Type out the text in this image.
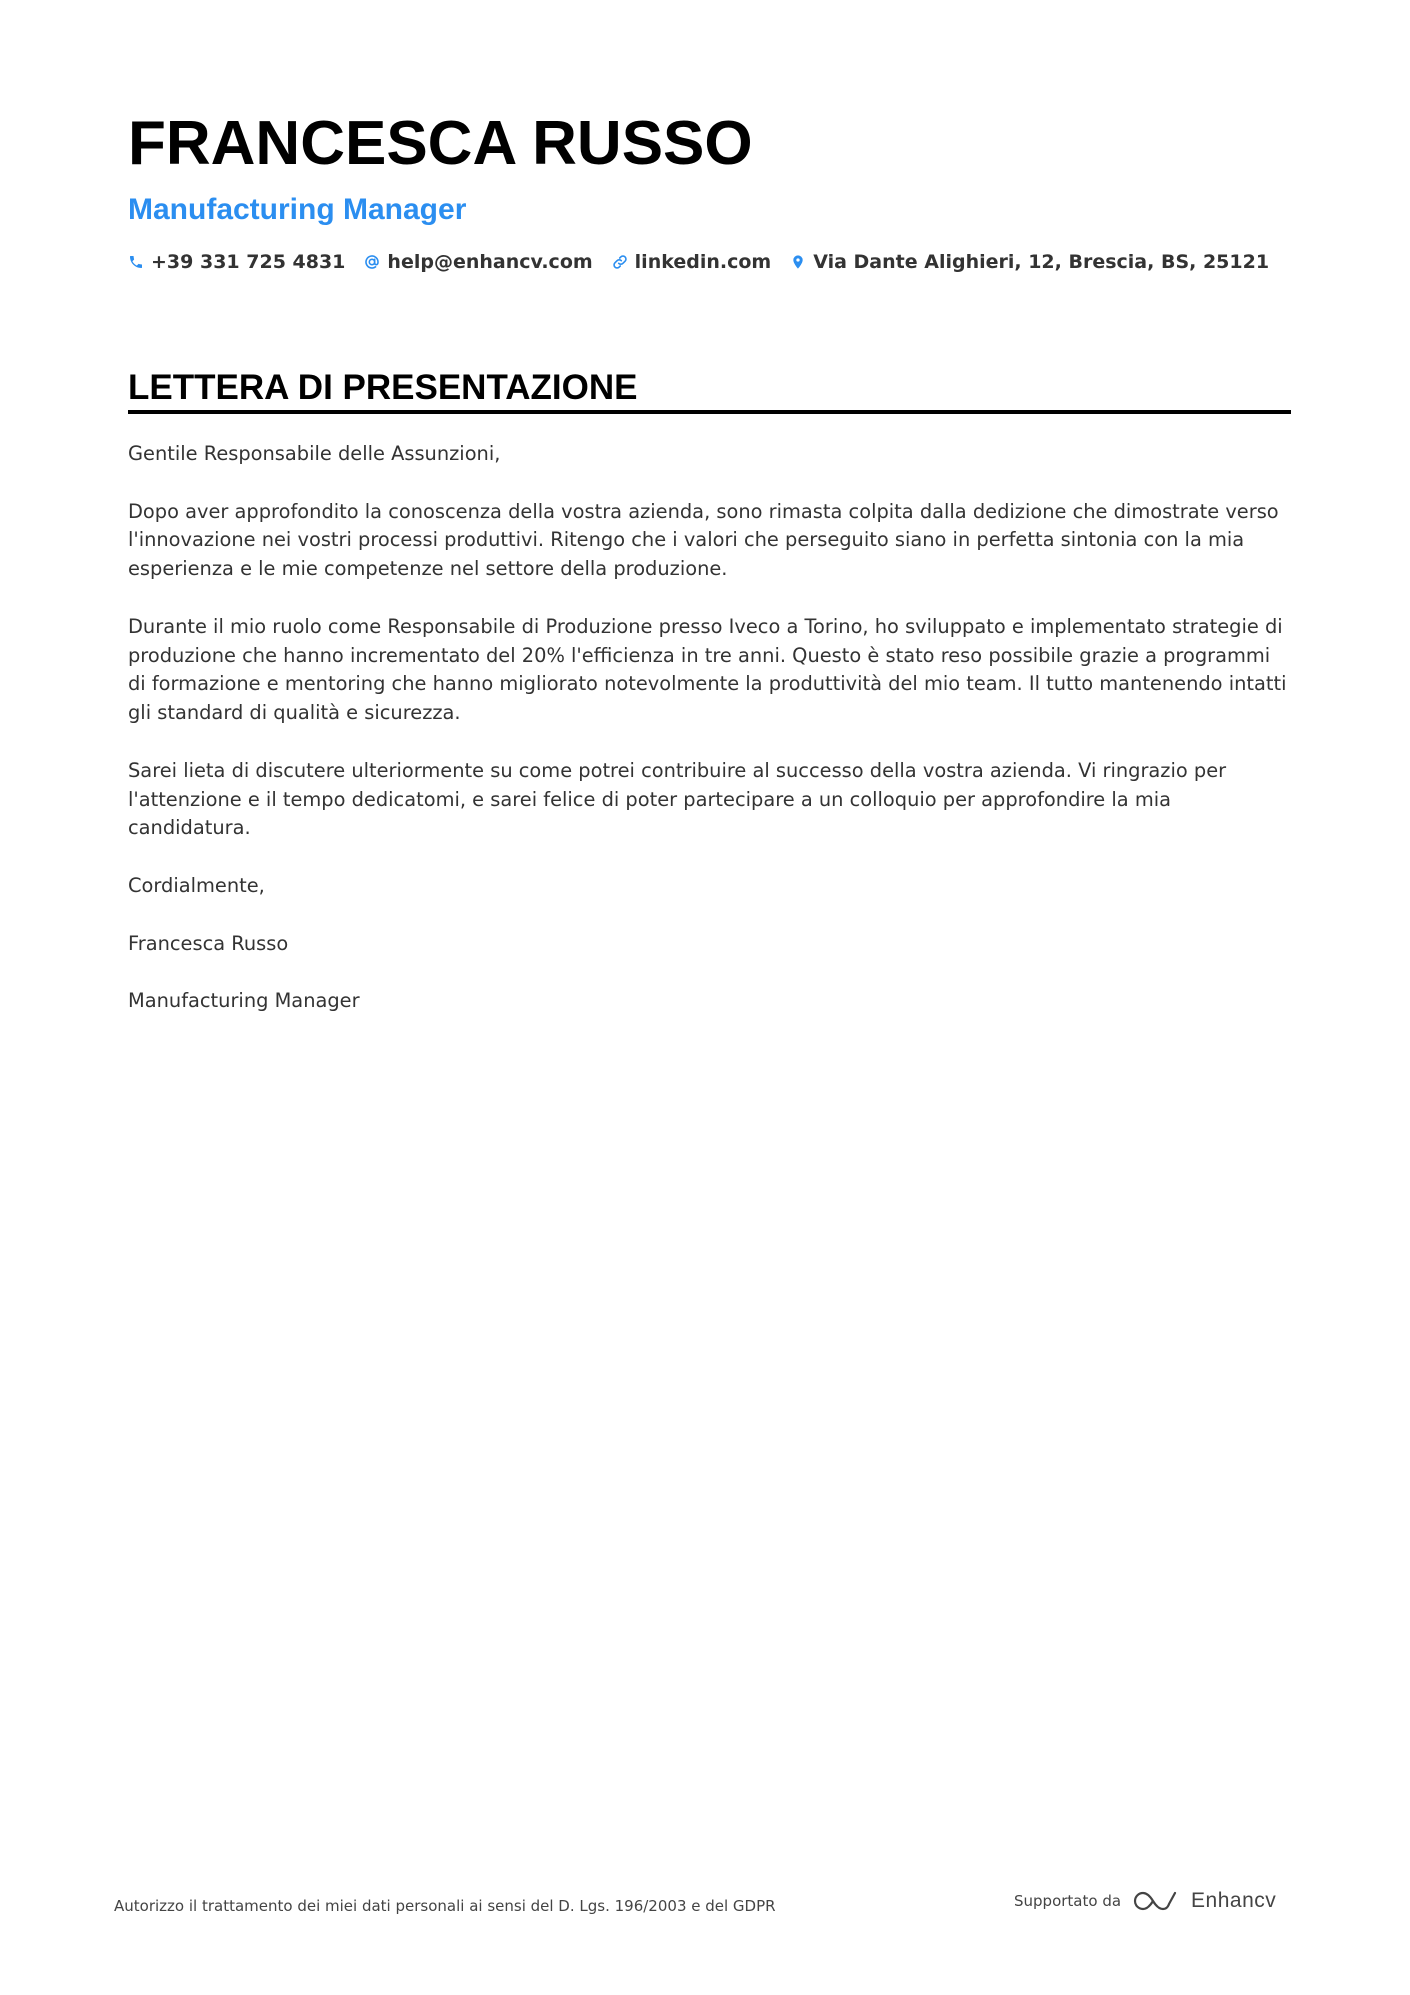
FRANCESCA RUSSO
Manufacturing Manager
+39 331 725 4831 help@enhancv.com linkedin.com Via Dante Alighieri, 12, Brescia, BS, 25121
LETTERA DI PRESENTAZIONE

Gentile Responsabile delle Assunzioni,

Dopo aver approfondito la conoscenza della vostra azienda, sono rimasta colpita dalla dedizione che dimostrate verso l'innovazione nei vostri processi produttivi. Ritengo che i valori che perseguito siano in perfetta sintonia con la mia esperienza e le mie competenze nel settore della produzione.

Durante il mio ruolo come Responsabile di Produzione presso Iveco a Torino, ho sviluppato e implementato strategie di produzione che hanno incrementato del 20% l'efficienza in tre anni. Questo è stato reso possibile grazie a programmi di formazione e mentoring che hanno migliorato notevolmente la produttività del mio team. Il tutto mantenendo intatti gli standard di qualità e sicurezza.

Sarei lieta di discutere ulteriormente su come potrei contribuire al successo della vostra azienda. Vi ringrazio per l'attenzione e il tempo dedicatomi, e sarei felice di poter partecipare a un colloquio per approfondire la mia candidatura.

Cordialmente,

Francesca Russo

Manufacturing Manager

Autorizzo il trattamento dei miei dati personali ai sensi del D. Lgs. 196/2003 e del GDPR	Supportato da	Enhancv
